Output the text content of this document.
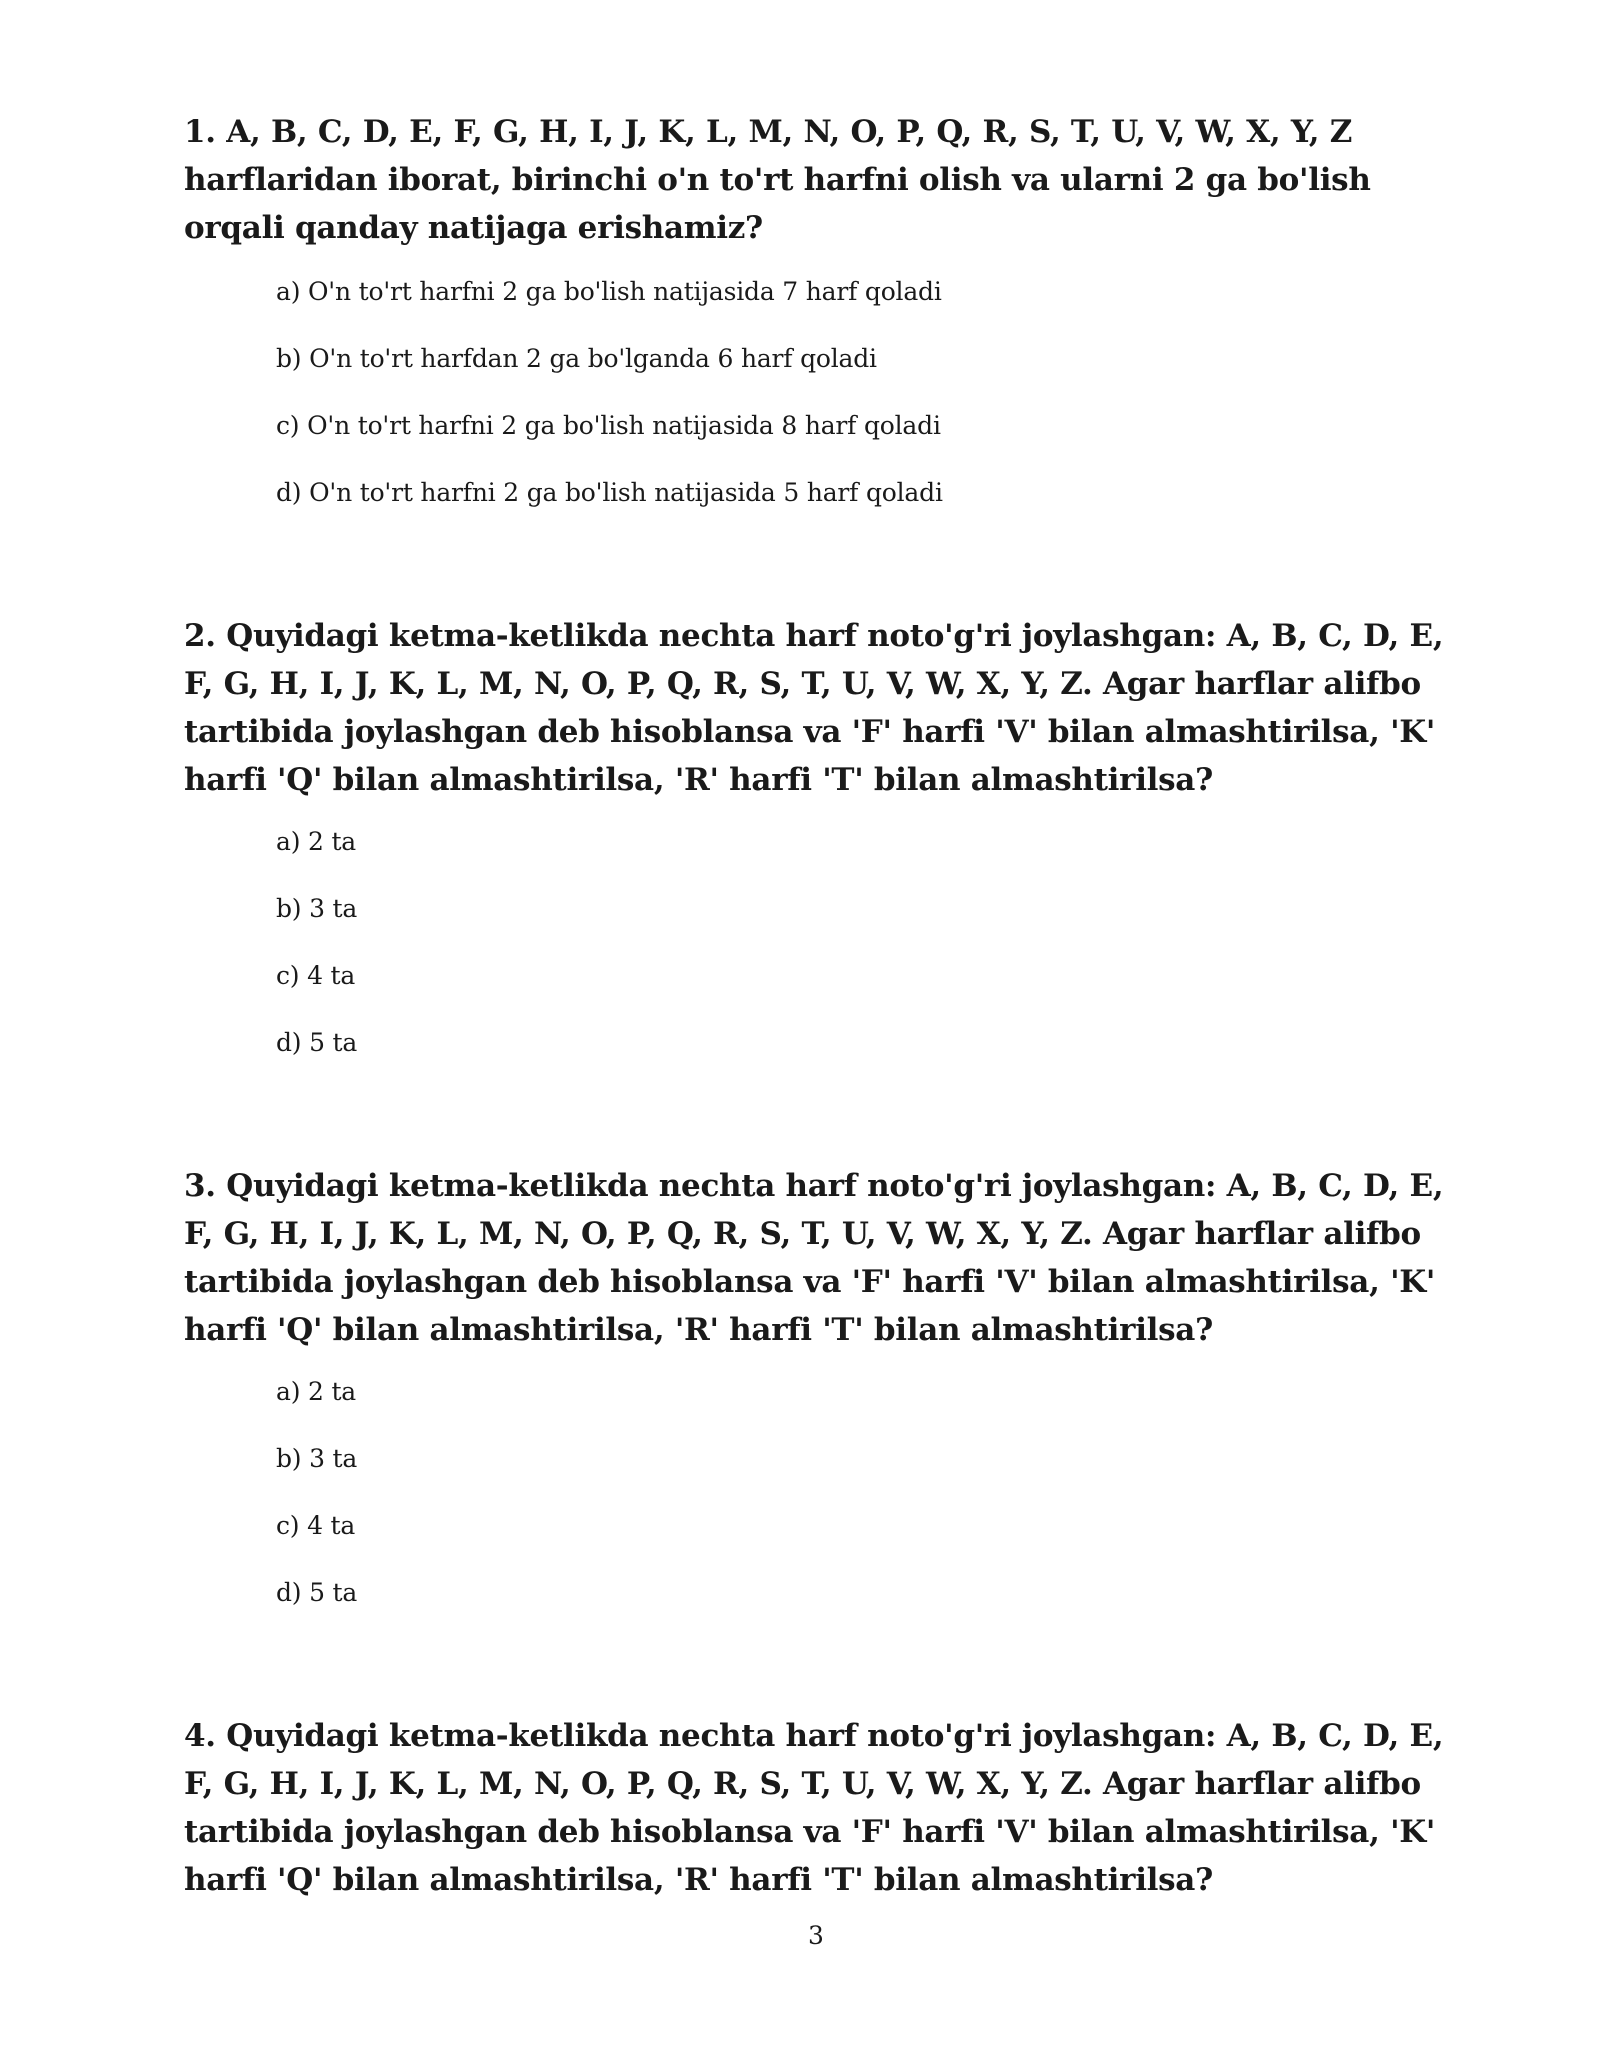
1. A, B, C, D, E, F, G, H, I, J, K, L, M, N, O, P, Q, R, S, T, U, V, W, X, Y, Z harflaridan iborat, birinchi o'n to'rt harfni olish va ularni 2 ga bo'lish orqali qanday natijaga erishamiz?

a) O'n to'rt harfni 2 ga bo'lish natijasida 7 harf qoladi
b) O'n to'rt harfdan 2 ga bo'lganda 6 harf qoladi
c) O'n to'rt harfni 2 ga bo'lish natijasida 8 harf qoladi
d) O'n to'rt harfni 2 ga bo'lish natijasida 5 harf qoladi

2. Quyidagi ketma-ketlikda nechta harf noto'g'ri joylashgan: A, B, C, D, E, F, G, H, I, J, K, L, M, N, O, P, Q, R, S, T, U, V, W, X, Y, Z. Agar harflar alifbo tartibida joylashgan deb hisoblansa va 'F' harfi 'V' bilan almashtirilsa, 'K' harfi 'Q' bilan almashtirilsa, 'R' harfi 'T' bilan almashtirilsa?

a) 2 ta
b) 3 ta
c) 4 ta
d) 5 ta

3. Quyidagi ketma-ketlikda nechta harf noto'g'ri joylashgan: A, B, C, D, E, F, G, H, I, J, K, L, M, N, O, P, Q, R, S, T, U, V, W, X, Y, Z. Agar harflar alifbo tartibida joylashgan deb hisoblansa va 'F' harfi 'V' bilan almashtirilsa, 'K' harfi 'Q' bilan almashtirilsa, 'R' harfi 'T' bilan almashtirilsa?

a) 2 ta
b) 3 ta
c) 4 ta
d) 5 ta

4. Quyidagi ketma-ketlikda nechta harf noto'g'ri joylashgan: A, B, C, D, E, F, G, H, I, J, K, L, M, N, O, P, Q, R, S, T, U, V, W, X, Y, Z. Agar harflar alifbo tartibida joylashgan deb hisoblansa va 'F' harfi 'V' bilan almashtirilsa, 'K' harfi 'Q' bilan almashtirilsa, 'R' harfi 'T' bilan almashtirilsa?

3
